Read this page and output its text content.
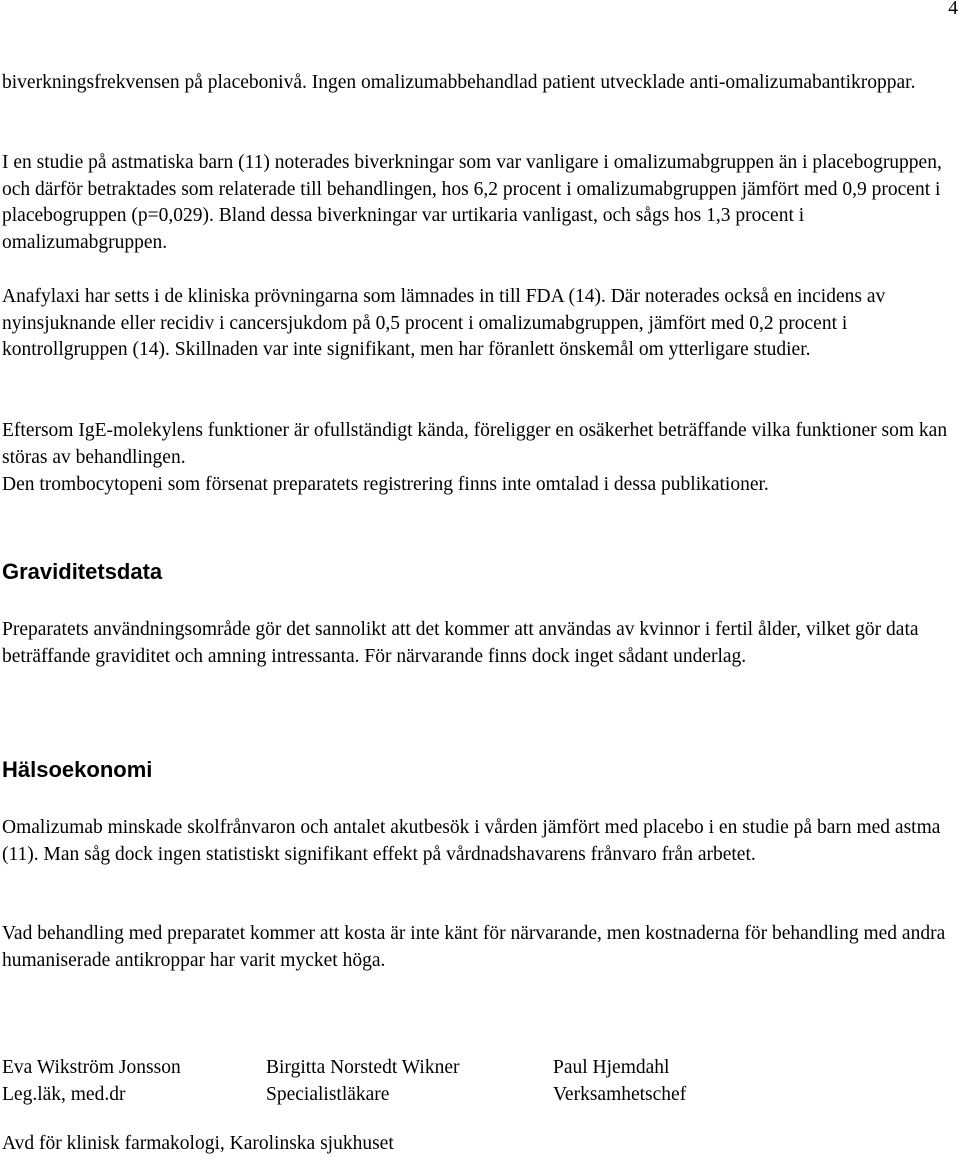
4

biverkningsfrekvensen på placebonivå. Ingen omalizumabbehandlad patient utvecklade anti-omalizumabantikroppar.

I en studie på astmatiska barn (11) noterades biverkningar som var vanligare i omalizumabgruppen än i placebogruppen, och därför betraktades som relaterade till behandlingen, hos 6,2 procent i omalizumabgruppen jämfört med 0,9 procent i placebogruppen (p=0,029). Bland dessa biverkningar var urtikaria vanligast, och sågs hos 1,3 procent i omalizumabgruppen.

Anafylaxi har setts i de kliniska prövningarna som lämnades in till FDA (14). Där noterades också en incidens av nyinsjuknande eller recidiv i cancersjukdom på 0,5 procent i omalizumabgruppen, jämfört med 0,2 procent i kontrollgruppen (14). Skillnaden var inte signifikant, men har föranlett önskemål om ytterligare studier.

Eftersom IgE-molekylens funktioner är ofullständigt kända, föreligger en osäkerhet beträffande vilka funktioner som kan störas av behandlingen.

Den trombocytopeni som försenat preparatets registrering finns inte omtalad i dessa publikationer.

Graviditetsdata

Preparatets användningsområde gör det sannolikt att det kommer att användas av kvinnor i fertil ålder, vilket gör data beträffande graviditet och amning intressanta. För närvarande finns dock inget sådant underlag.

Hälsoekonomi

Omalizumab minskade skolfrånvaron och antalet akutbesök i vården jämfört med placebo i en studie på barn med astma (11). Man såg dock ingen statistiskt signifikant effekt på vårdnadshavarens frånvaro från arbetet.

Vad behandling med preparatet kommer att kosta är inte känt för närvarande, men kostnaderna för behandling med andra humaniserade antikroppar har varit mycket höga.

Eva Wikström Jonsson
Leg.läk, med.dr
Birgitta Norstedt Wikner
Specialistläkare
Paul Hjemdahl
Verksamhetschef
Avd för klinisk farmakologi, Karolinska sjukhuset
